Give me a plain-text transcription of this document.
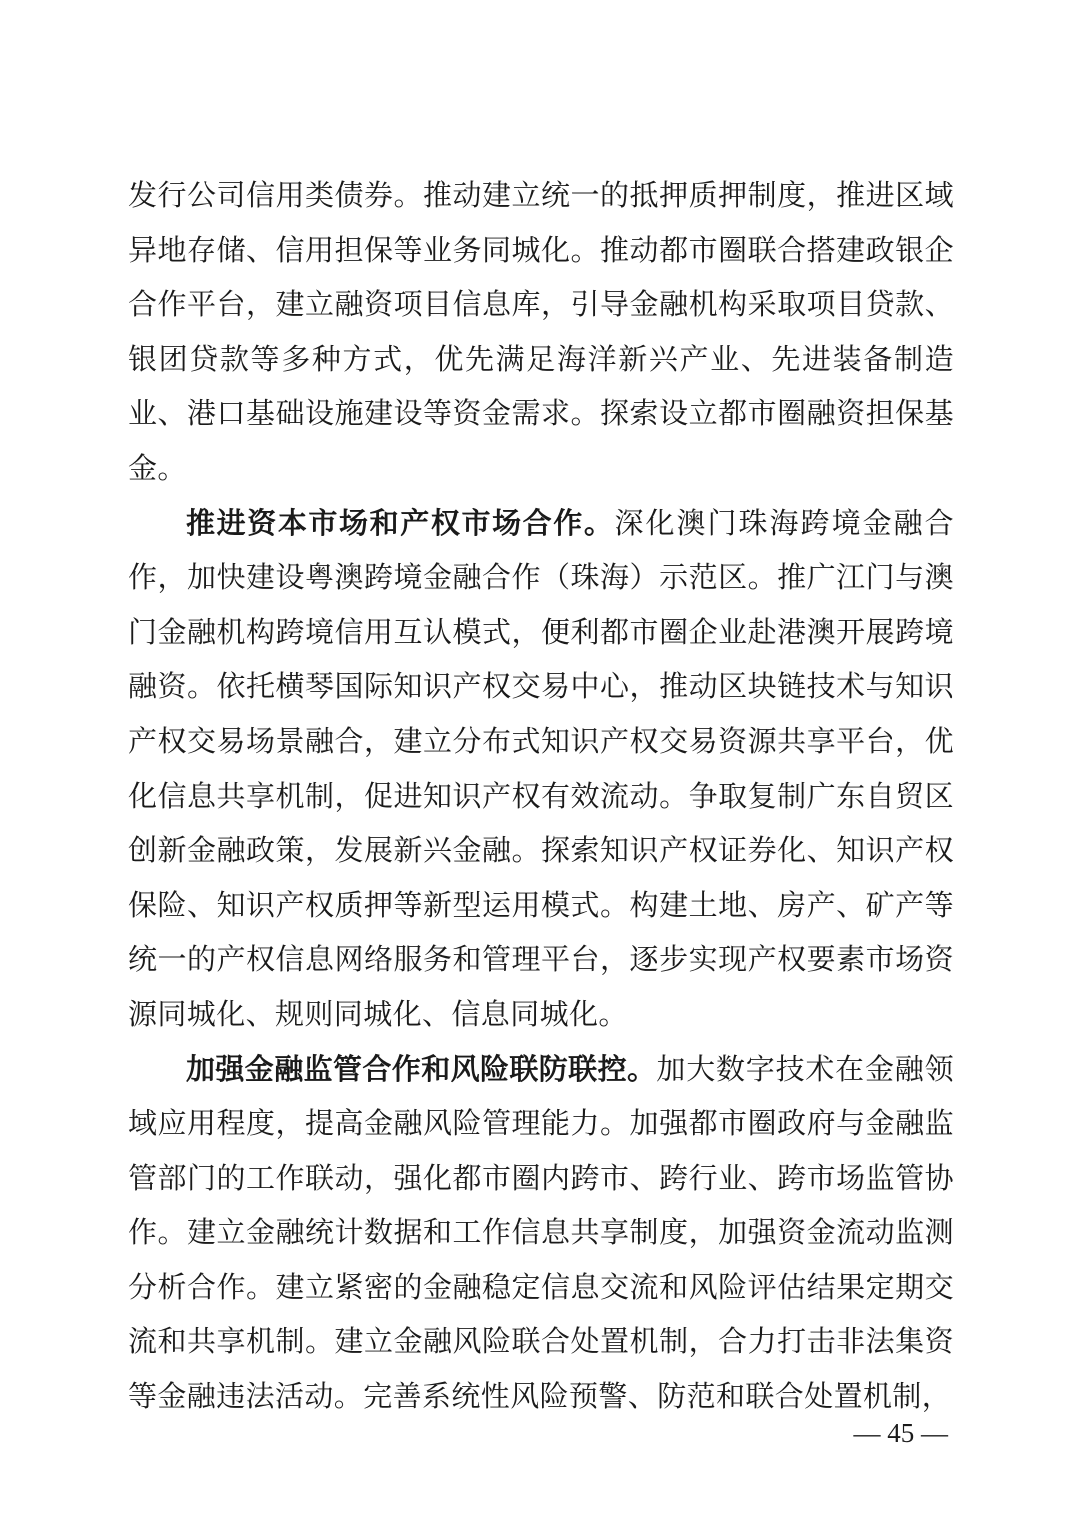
发行公司信用类债券。推动建立统一的抵押质押制度，推进区域异地存储、信用担保等业务同城化。推动都市圈联合搭建政银企合作平台，建立融资项目信息库，引导金融机构采取项目贷款、银团贷款等多种方式，优先满足海洋新兴产业、先进装备制造业、港口基础设施建设等资金需求。探索设立都市圈融资担保基金。

推进资本市场和产权市场合作。深化澳门珠海跨境金融合作，加快建设粤澳跨境金融合作（珠海）示范区。推广江门与澳门金融机构跨境信用互认模式，便利都市圈企业赴港澳开展跨境融资。依托横琴国际知识产权交易中心，推动区块链技术与知识产权交易场景融合，建立分布式知识产权交易资源共享平台，优化信息共享机制，促进知识产权有效流动。争取复制广东自贸区创新金融政策，发展新兴金融。探索知识产权证券化、知识产权保险、知识产权质押等新型运用模式。构建土地、房产、矿产等统一的产权信息网络服务和管理平台，逐步实现产权要素市场资源同城化、规则同城化、信息同城化。

加强金融监管合作和风险联防联控。加大数字技术在金融领域应用程度，提高金融风险管理能力。加强都市圈政府与金融监管部门的工作联动，强化都市圈内跨市、跨行业、跨市场监管协作。建立金融统计数据和工作信息共享制度，加强资金流动监测分析合作。建立紧密的金融稳定信息交流和风险评估结果定期交流和共享机制。建立金融风险联合处置机制，合力打击非法集资等金融违法活动。完善系统性风险预警、防范和联合处置机制，

— 45 —
